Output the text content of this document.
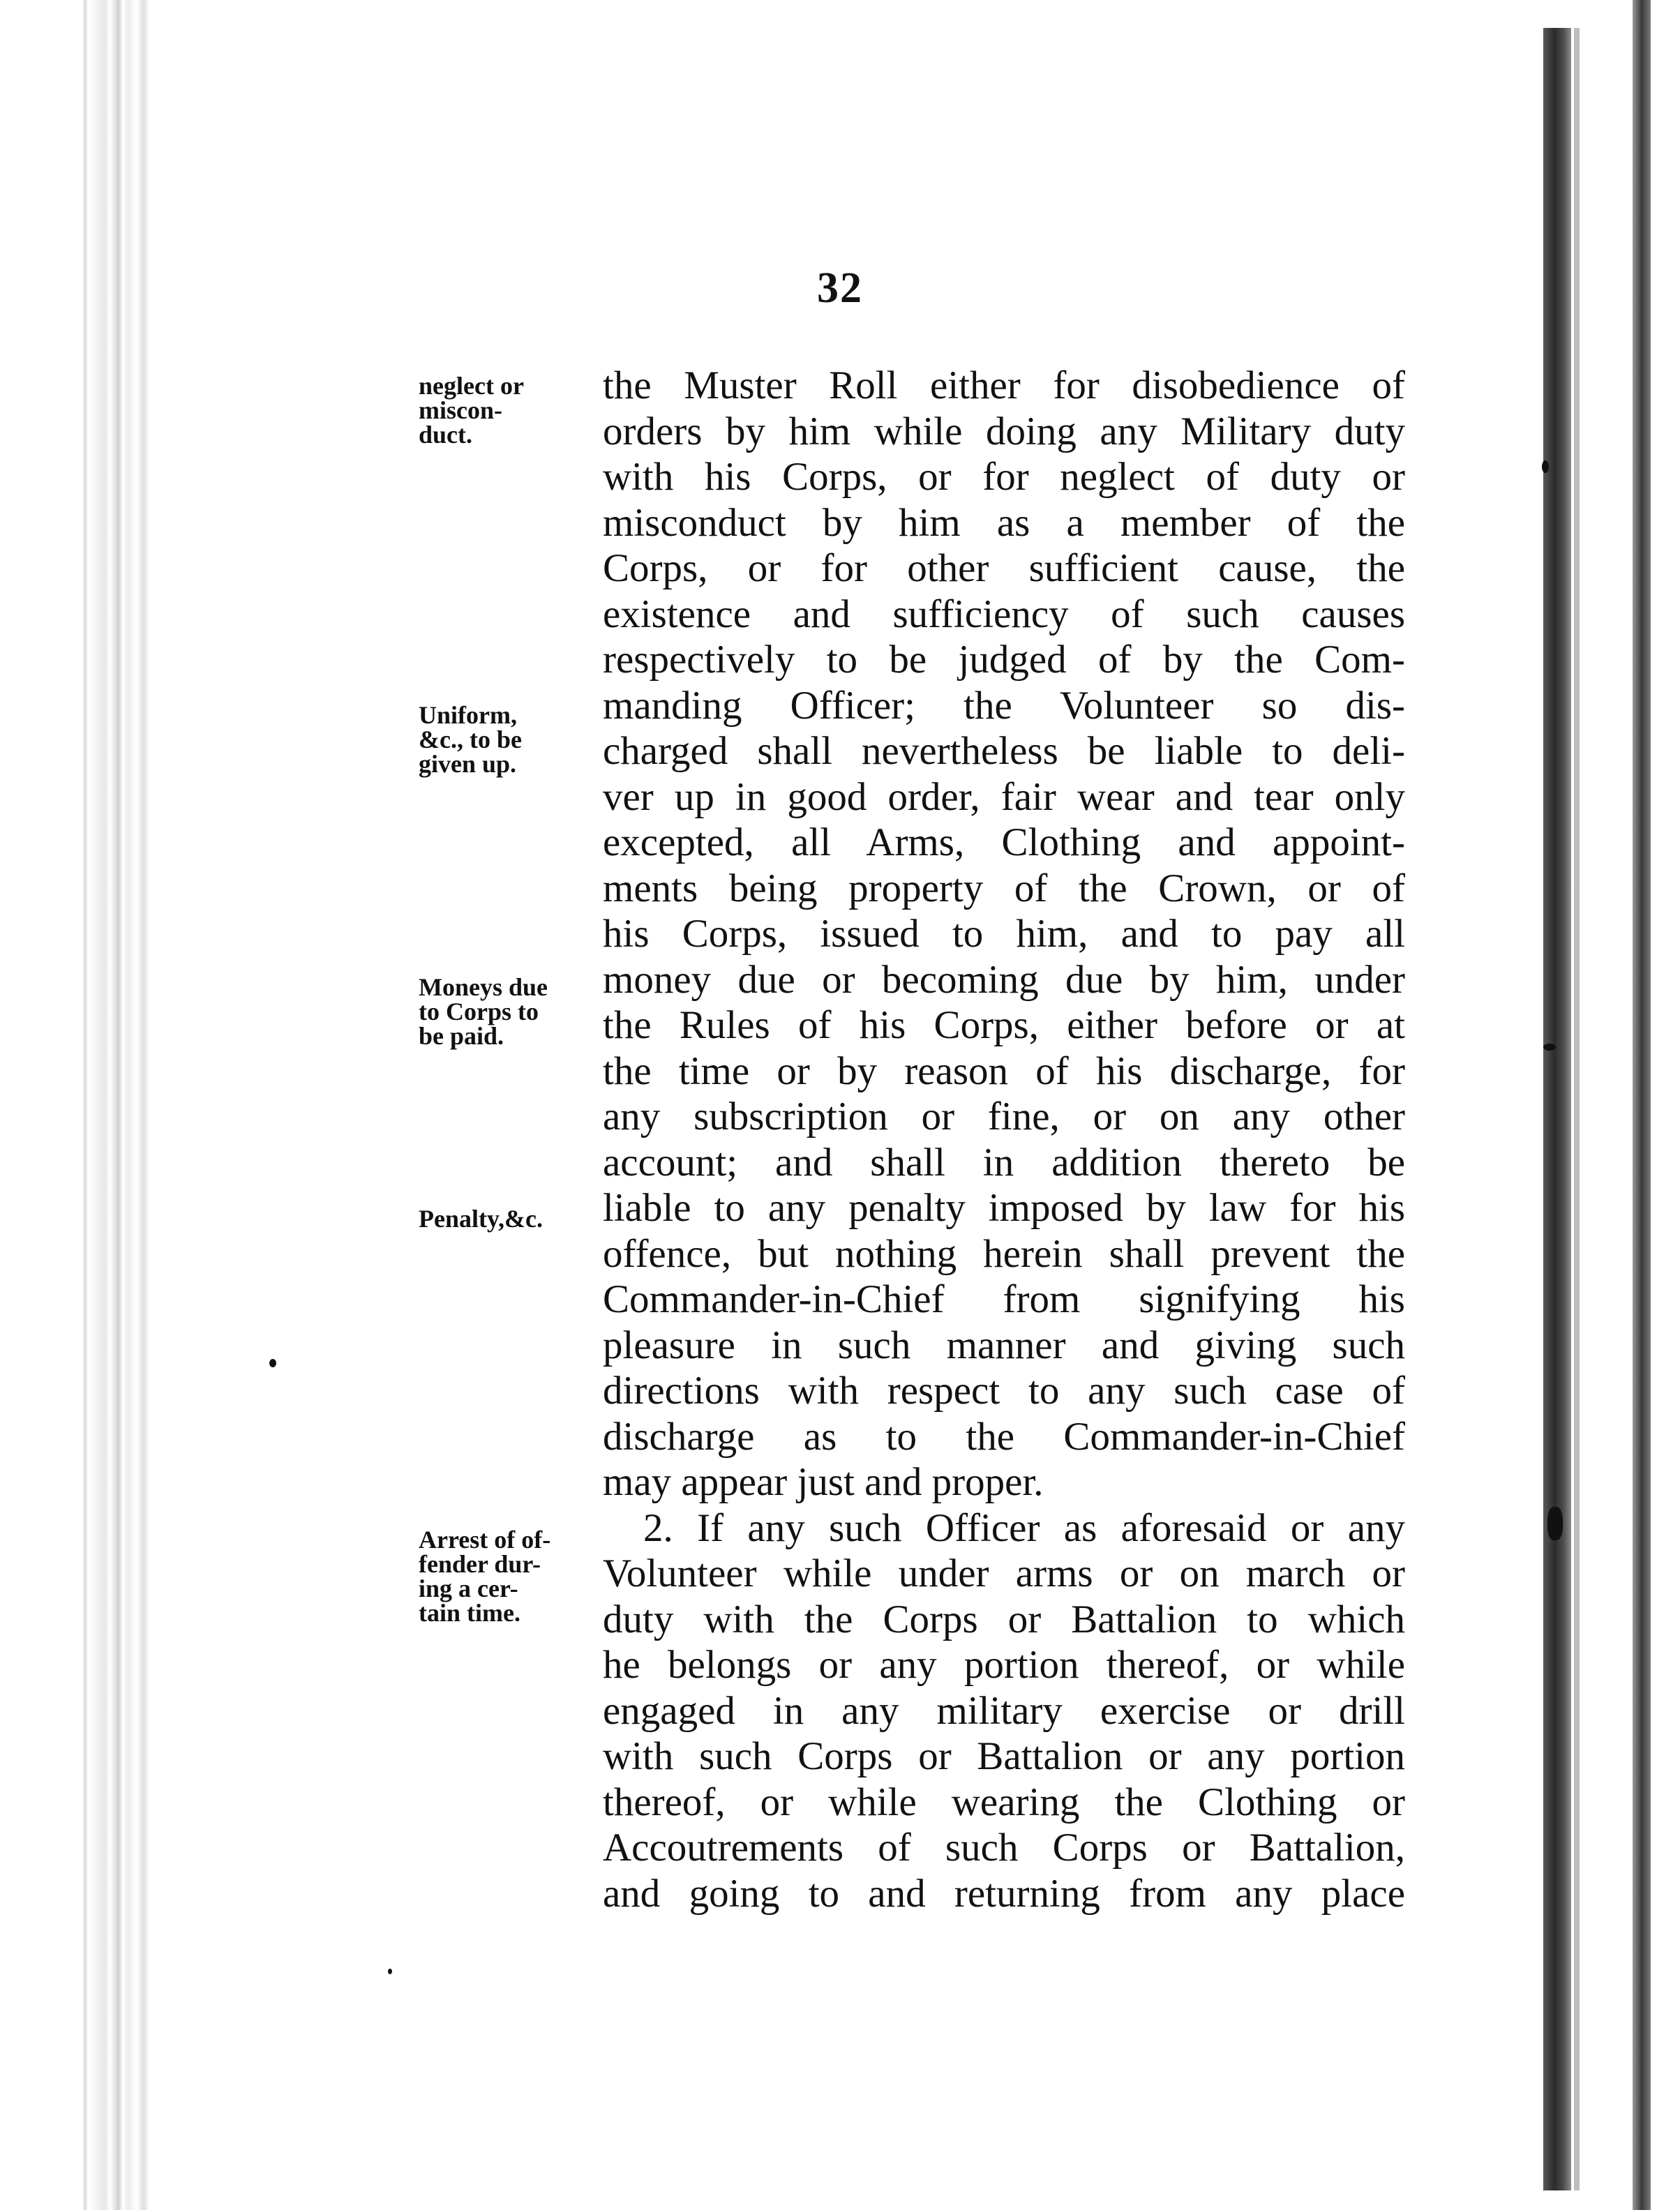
32
neglect or
miscon-
duct.
Uniform,
&c., to be
given up.
Moneys due
to Corps to
be paid.
Penalty,&c.
Arrest of of-
fender dur-
ing a cer-
tain time.
the Muster Roll either for disobedience of
orders by him while doing any Military duty
with his Corps, or for neglect of duty or
misconduct by him as a member of the
Corps, or for other sufficient cause, the
existence and sufficiency of such causes
respectively to be judged of by the Com-
manding Officer; the Volunteer so dis-
charged shall nevertheless be liable to deli-
ver up in good order, fair wear and tear only
excepted, all Arms, Clothing and appoint-
ments being property of the Crown, or of
his Corps, issued to him, and to pay all
money due or becoming due by him, under
the Rules of his Corps, either before or at
the time or by reason of his discharge, for
any subscription or fine, or on any other
account; and shall in addition thereto be
liable to any penalty imposed by law for his
offence, but nothing herein shall prevent the
Commander-in-Chief from signifying his
pleasure in such manner and giving such
directions with respect to any such case of
discharge as to the Commander-in-Chief
may appear just and proper.
2. If any such Officer as aforesaid or any
Volunteer while under arms or on march or
duty with the Corps or Battalion to which
he belongs or any portion thereof, or while
engaged in any military exercise or drill
with such Corps or Battalion or any portion
thereof, or while wearing the Clothing or
Accoutrements of such Corps or Battalion,
and going to and returning from any place
